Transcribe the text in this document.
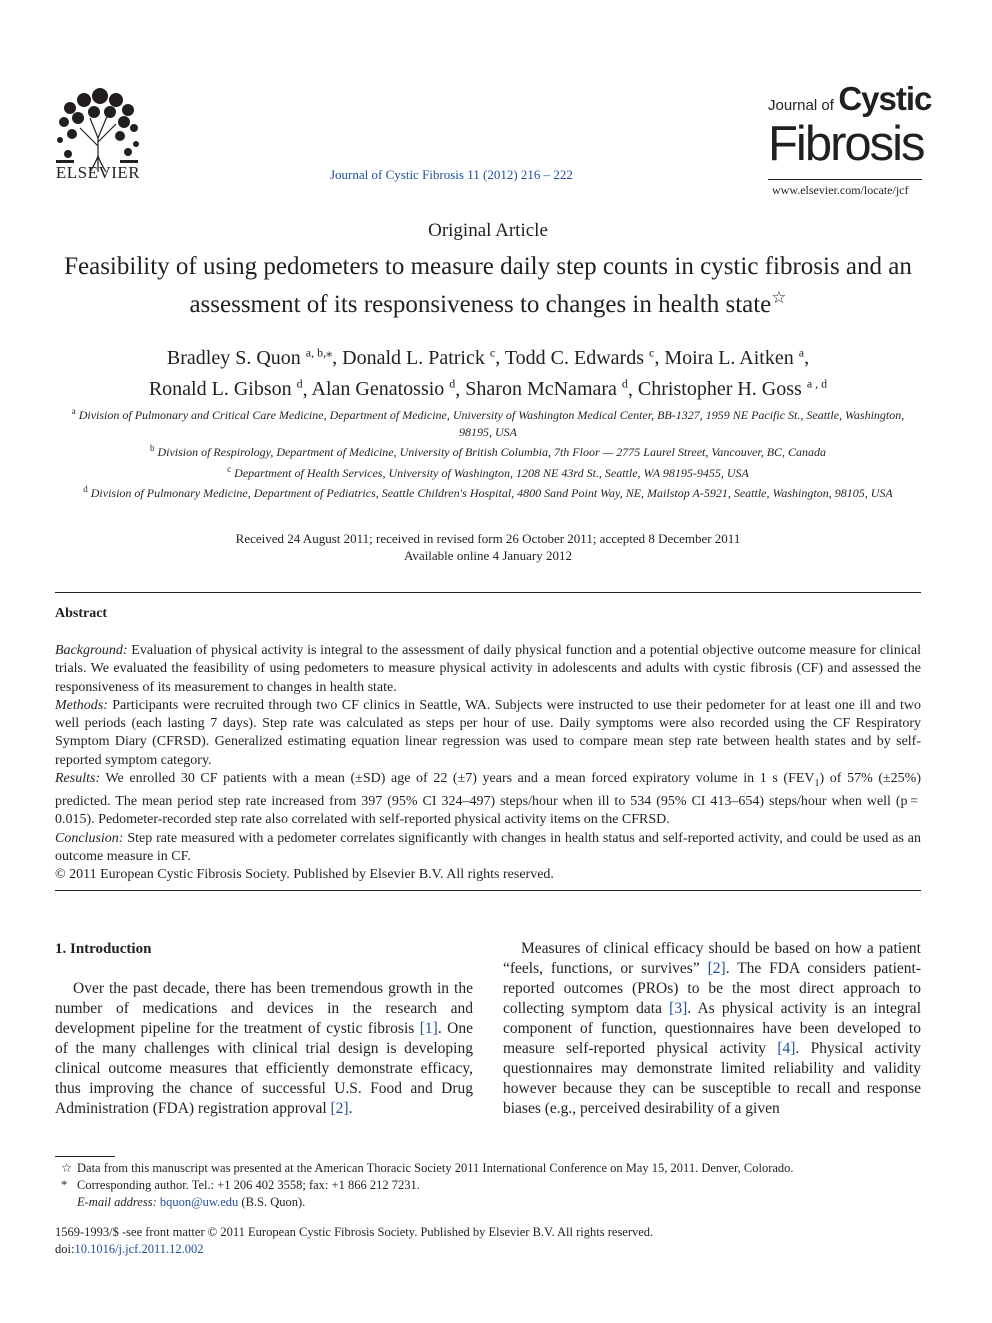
ELSEVIER	Journal of Cystic Fibrosis 11 (2012) 216 – 222
Journal of Cystic
Fibrosis
www.elsevier.com/locate/jcf
Original Article
Feasibility of using pedometers to measure daily step counts in cystic fibrosis and an assessment of its responsiveness to changes in health state☆
Bradley S. Quon $^{a, b,⁎}$, Donald L. Patrick $^c$, Todd C. Edwards $^c$, Moira L. Aitken $^a$,
Ronald L. Gibson $^d$, Alan Genatossio $^d$, Sharon McNamara $^d$, Christopher H. Goss $^{a , d}$
$^a$ Division of Pulmonary and Critical Care Medicine, Department of Medicine, University of Washington Medical Center, BB-1327, 1959 NE Pacific St., Seattle, Washington, 98195, USA
$^b$ Division of Respirology, Department of Medicine, University of British Columbia, 7th Floor — 2775 Laurel Street, Vancouver, BC, Canada
$^c$ Department of Health Services, University of Washington, 1208 NE 43rd St., Seattle, WA 98195-9455, USA
$^d$ Division of Pulmonary Medicine, Department of Pediatrics, Seattle Children's Hospital, 4800 Sand Point Way, NE, Mailstop A-5921, Seattle, Washington, 98105, USA
Received 24 August 2011; received in revised form 26 October 2011; accepted 8 December 2011
Available online 4 January 2012
Abstract

Background: Evaluation of physical activity is integral to the assessment of daily physical function and a potential objective outcome measure for clinical trials. We evaluated the feasibility of using pedometers to measure physical activity in adolescents and adults with cystic fibrosis (CF) and assessed the responsiveness of its measurement to changes in health state.

Methods: Participants were recruited through two CF clinics in Seattle, WA. Subjects were instructed to use their pedometer for at least one ill and two well periods (each lasting 7 days). Step rate was calculated as steps per hour of use. Daily symptoms were also recorded using the CF Respiratory Symptom Diary (CFRSD). Generalized estimating equation linear regression was used to compare mean step rate between health states and by self-reported symptom category.

Results: We enrolled 30 CF patients with a mean (±SD) age of 22 (±7) years and a mean forced expiratory volume in 1 s $(FEV_1)$ of 57% (±25%) predicted. The mean period step rate increased from 397 (95% CI 324–497) steps/hour when ill to 534 (95% CI 413–654) steps/hour when well (p = 0.015). Pedometer-recorded step rate also correlated with self-reported physical activity items on the CFRSD.

Conclusion: Step rate measured with a pedometer correlates significantly with changes in health status and self-reported activity, and could be used as an outcome measure in CF.

© 2011 European Cystic Fibrosis Society. Published by Elsevier B.V. All rights reserved.

1. Introduction
Over the past decade, there has been tremendous growth in the number of medications and devices in the research and development pipeline for the treatment of cystic fibrosis [1]. One of the many challenges with clinical trial design is developing clinical outcome measures that efficiently demonstrate efficacy, thus improving the chance of successful U.S. Food and Drug Administration (FDA) registration approval [2].
Measures of clinical efficacy should be based on how a patient “feels, functions, or survives” [2]. The FDA considers patient-reported outcomes (PROs) to be the most direct approach to collecting symptom data [3]. As physical activity is an integral component of function, questionnaires have been developed to measure self-reported physical activity [4]. Physical activity questionnaires may demonstrate limited reliability and validity however because they can be susceptible to recall and response biases (e.g., perceived desirability of a given
☆ Data from this manuscript was presented at the American Thoracic Society 2011 International Conference on May 15, 2011. Denver, Colorado.
* Corresponding author. Tel.: +1 206 402 3558; fax: +1 866 212 7231.
E-mail address: bquon@uw.edu (B.S. Quon).
1569-1993/$ -see front matter © 2011 European Cystic Fibrosis Society. Published by Elsevier B.V. All rights reserved.
doi:10.1016/j.jcf.2011.12.002
